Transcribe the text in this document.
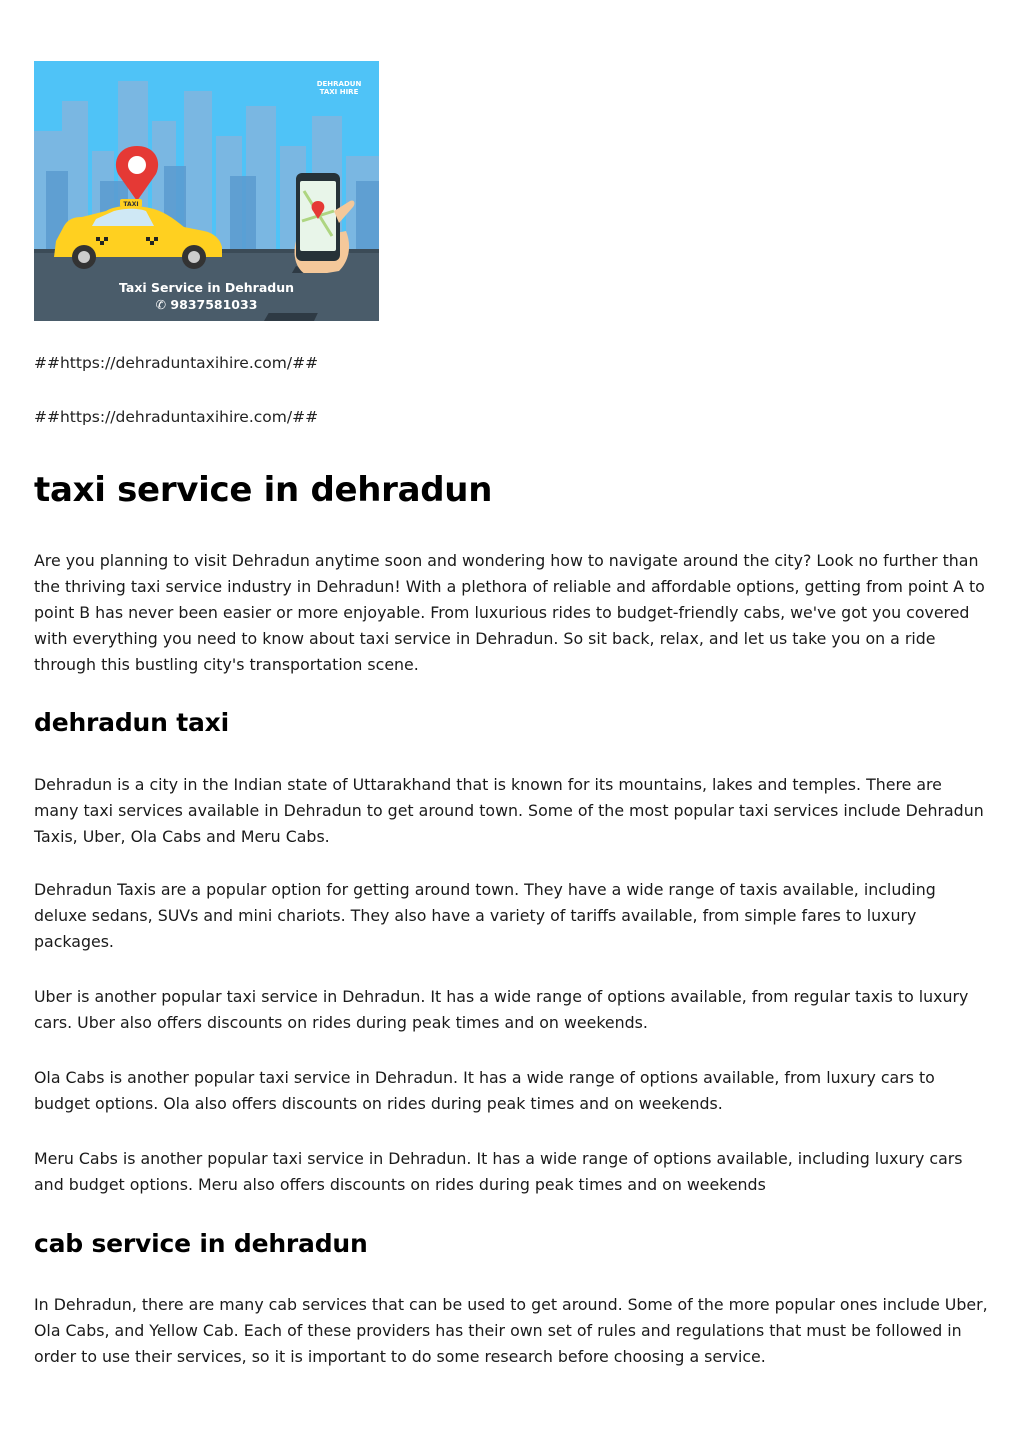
TAXI
DEHRADUN
TAXI HIRE
Taxi Service in Dehradun
✆ 9837581033
##https://dehraduntaxihire.com/##
##https://dehraduntaxihire.com/##
taxi service in dehradun

Are you planning to visit Dehradun anytime soon and wondering how to navigate around the city? Look no further than the thriving taxi service industry in Dehradun! With a plethora of reliable and affordable options, getting from point A to point B has never been easier or more enjoyable. From luxurious rides to budget-friendly cabs, we've got you covered with everything you need to know about taxi service in Dehradun. So sit back, relax, and let us take you on a ride through this bustling city's transportation scene.

dehradun taxi

Dehradun is a city in the Indian state of Uttarakhand that is known for its mountains, lakes and temples. There are many taxi services available in Dehradun to get around town. Some of the most popular taxi services include Dehradun Taxis, Uber, Ola Cabs and Meru Cabs.

Dehradun Taxis are a popular option for getting around town. They have a wide range of taxis available, including deluxe sedans, SUVs and mini chariots. They also have a variety of tariffs available, from simple fares to luxury packages.

Uber is another popular taxi service in Dehradun. It has a wide range of options available, from regular taxis to luxury cars. Uber also offers discounts on rides during peak times and on weekends.

Ola Cabs is another popular taxi service in Dehradun. It has a wide range of options available, from luxury cars to budget options. Ola also offers discounts on rides during peak times and on weekends.

Meru Cabs is another popular taxi service in Dehradun. It has a wide range of options available, including luxury cars and budget options. Meru also offers discounts on rides during peak times and on weekends

cab service in dehradun

In Dehradun, there are many cab services that can be used to get around. Some of the more popular ones include Uber, Ola Cabs, and Yellow Cab. Each of these providers has their own set of rules and regulations that must be followed in order to use their services, so it is important to do some research before choosing a service.
